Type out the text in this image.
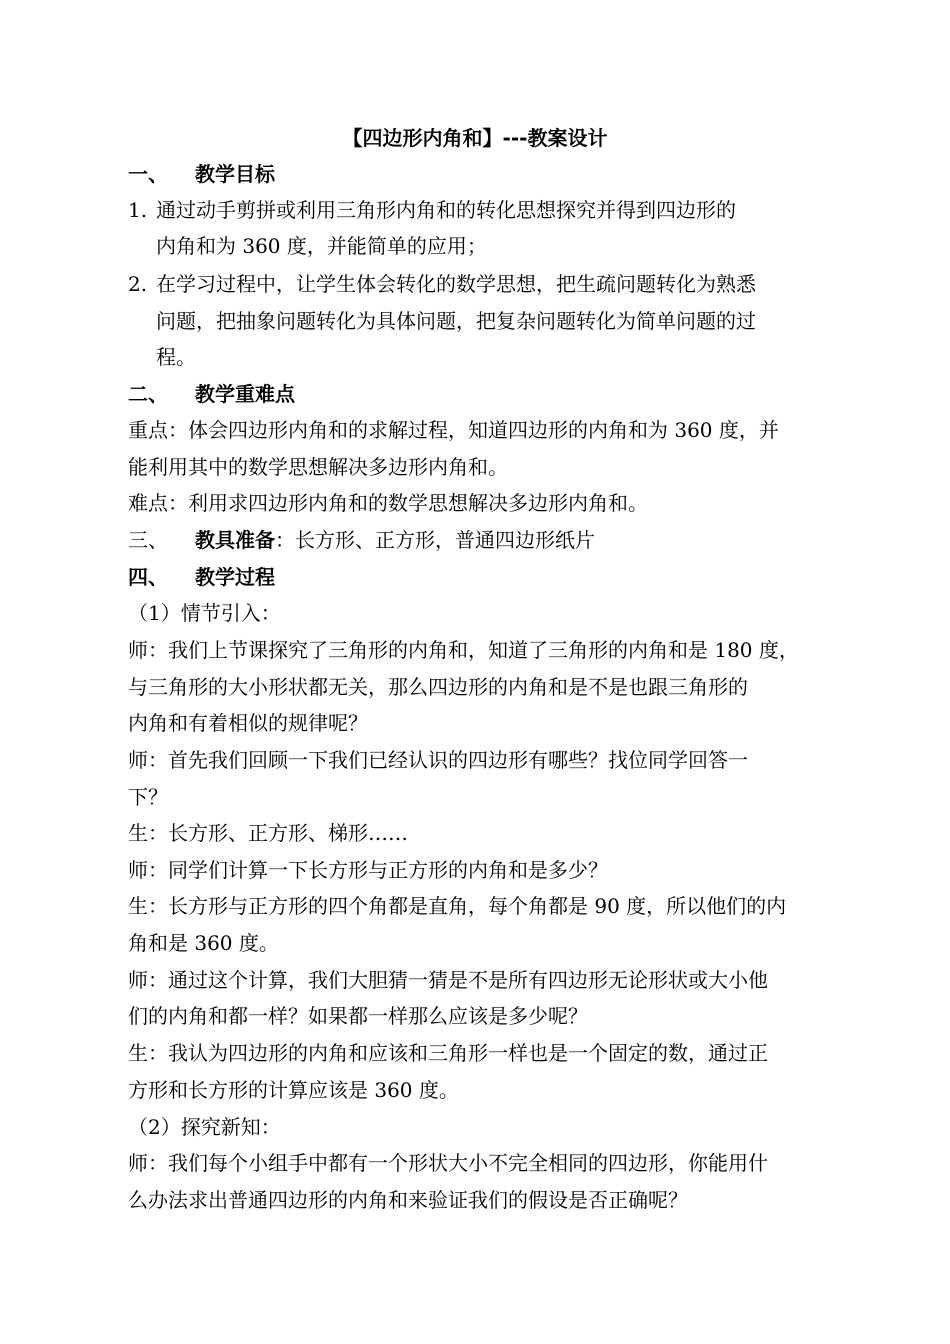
【四边形内角和】---教案设计
一、 教学目标
1. 通过动手剪拼或利用三角形内角和的转化思想探究并得到四边形的
内角和为 360 度，并能简单的应用；
2. 在学习过程中，让学生体会转化的数学思想，把生疏问题转化为熟悉
问题，把抽象问题转化为具体问题，把复杂问题转化为简单问题的过
程。
二、 教学重难点
重点：体会四边形内角和的求解过程，知道四边形的内角和为 360 度，并
能利用其中的数学思想解决多边形内角和。
难点：利用求四边形内角和的数学思想解决多边形内角和。
三、 教具准备：长方形、正方形，普通四边形纸片
四、 教学过程
（1）情节引入：
师：我们上节课探究了三角形的内角和，知道了三角形的内角和是 180 度，
与三角形的大小形状都无关，那么四边形的内角和是不是也跟三角形的
内角和有着相似的规律呢？
师：首先我们回顾一下我们已经认识的四边形有哪些？找位同学回答一
下？
生：长方形、正方形、梯形……
师：同学们计算一下长方形与正方形的内角和是多少？
生：长方形与正方形的四个角都是直角，每个角都是 90 度，所以他们的内
角和是 360 度。
师：通过这个计算，我们大胆猜一猜是不是所有四边形无论形状或大小他
们的内角和都一样？如果都一样那么应该是多少呢？
生：我认为四边形的内角和应该和三角形一样也是一个固定的数，通过正
方形和长方形的计算应该是 360 度。
（2）探究新知：
师：我们每个小组手中都有一个形状大小不完全相同的四边形，你能用什
么办法求出普通四边形的内角和来验证我们的假设是否正确呢？
